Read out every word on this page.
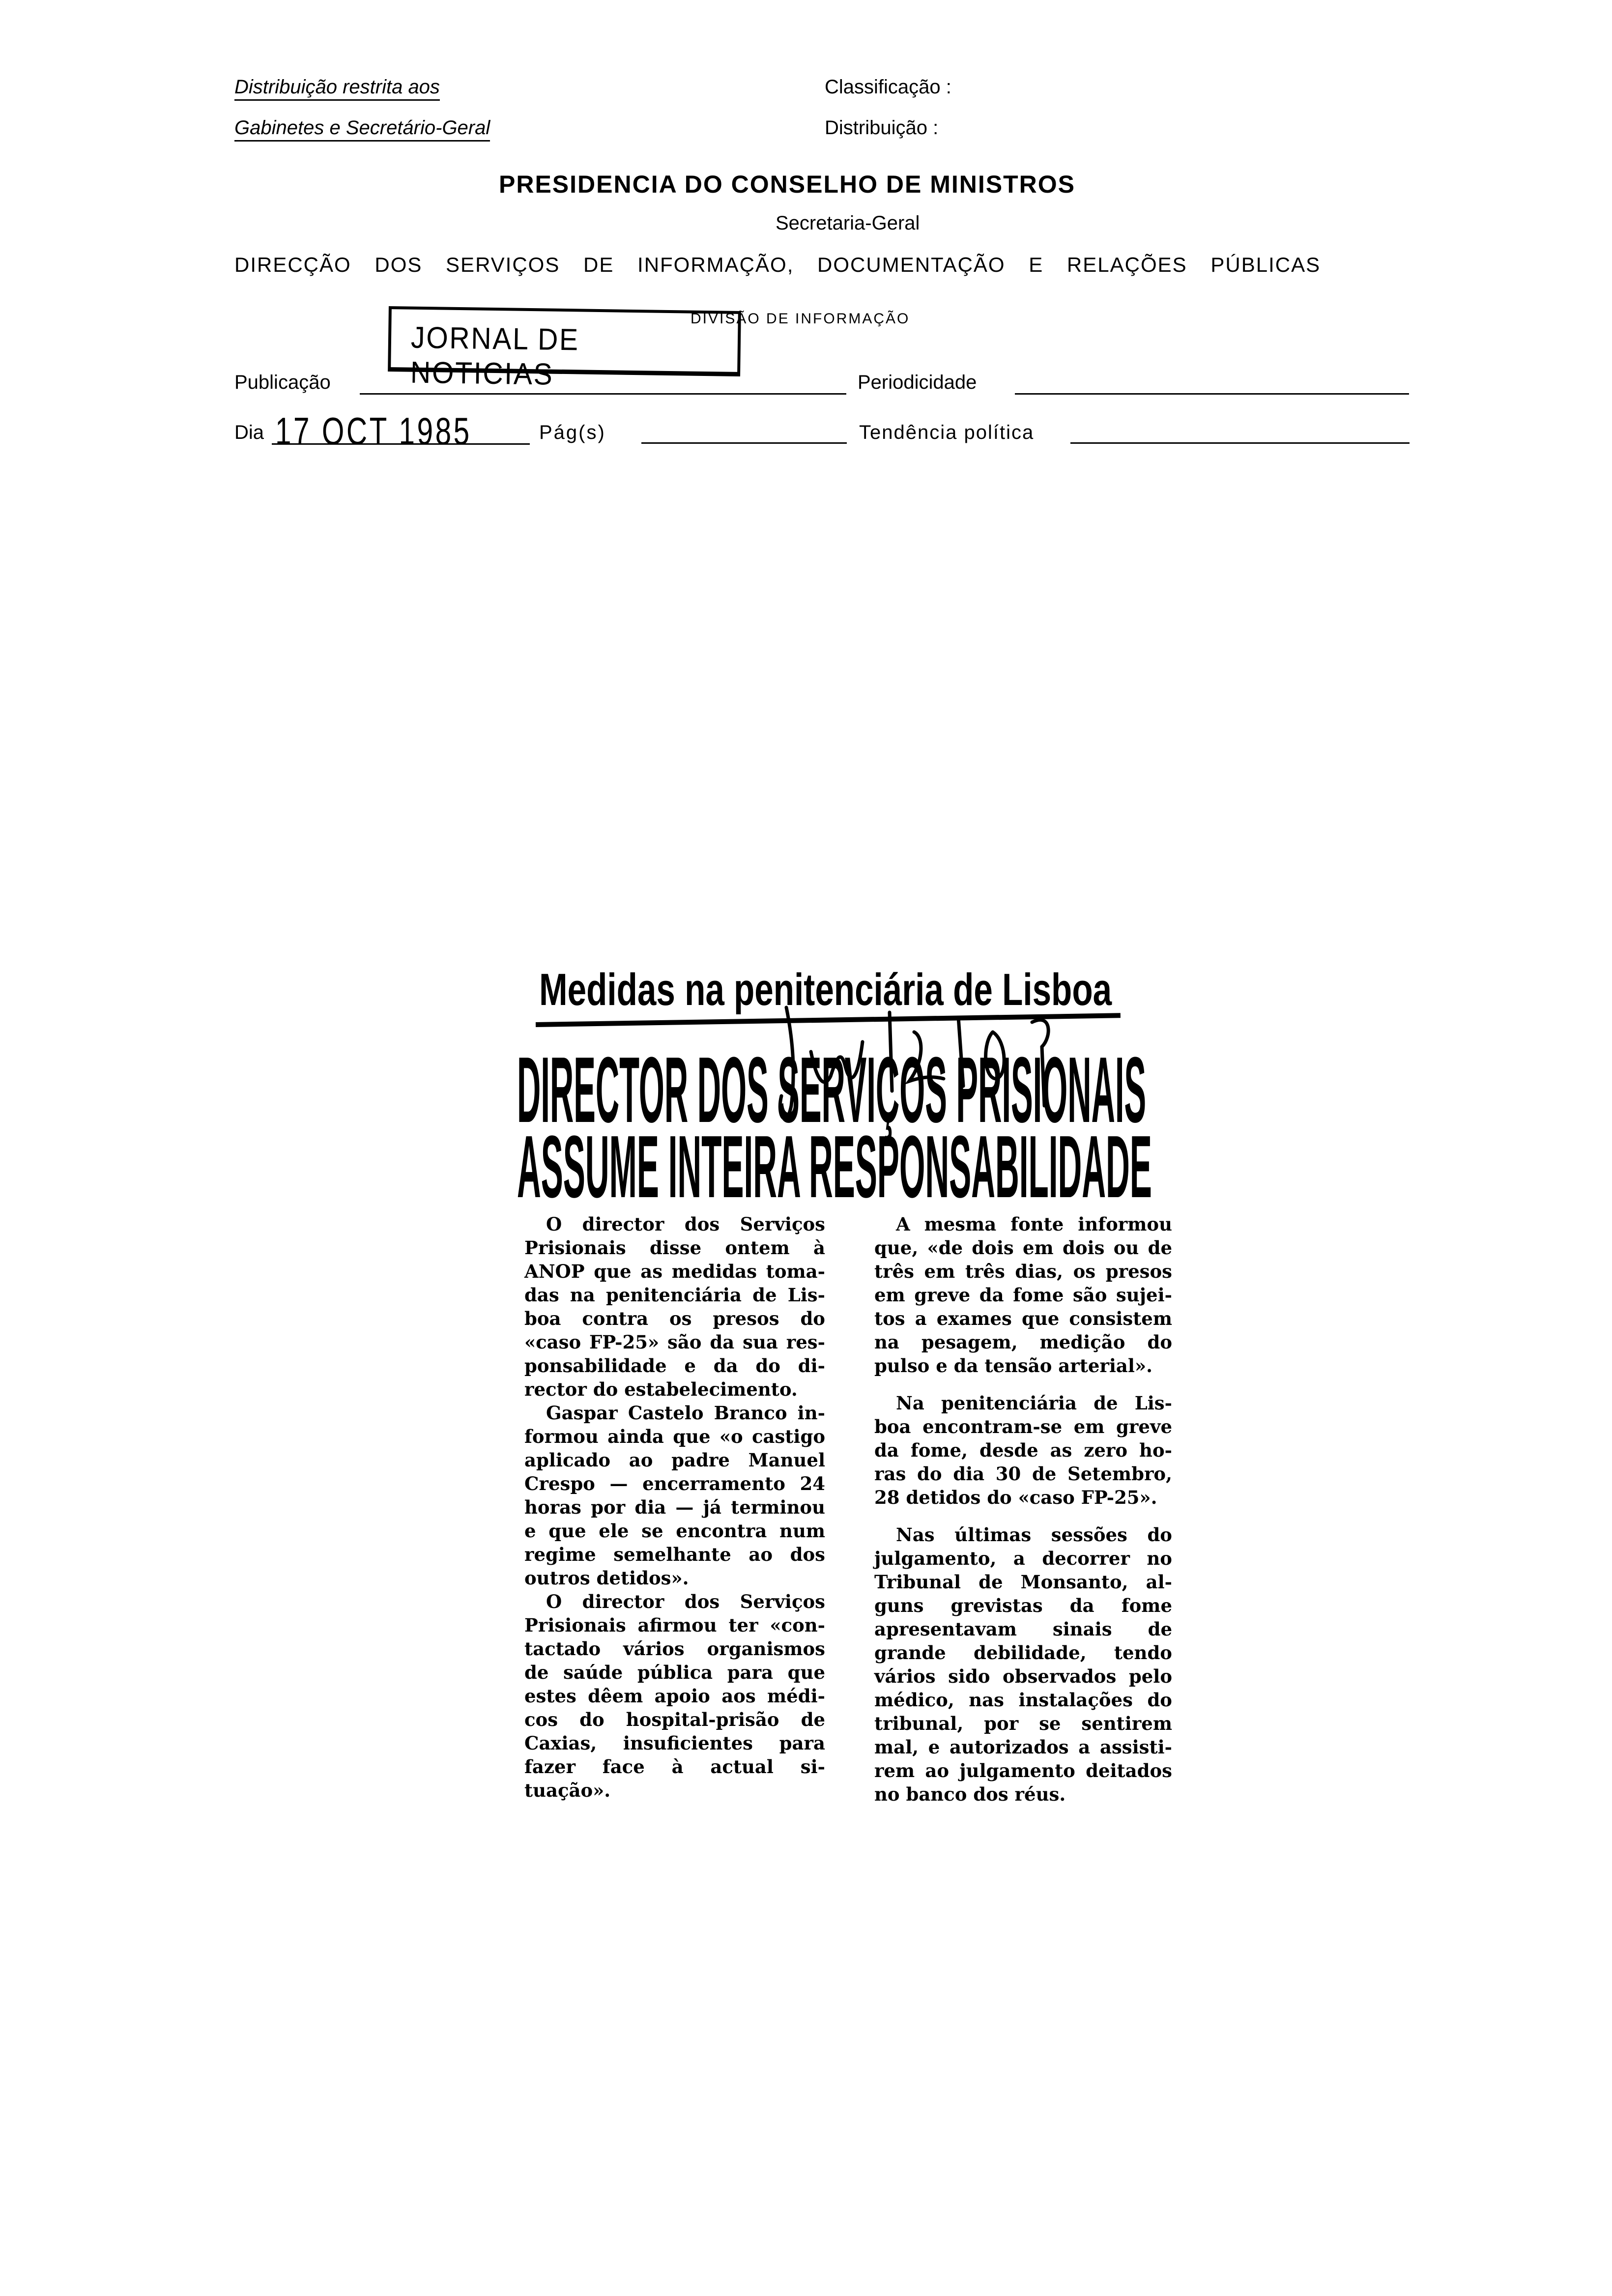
Distribuição restrita aos
Gabinetes e Secretário-Geral
Classificação :
Distribuição :
PRESIDENCIA DO CONSELHO DE MINISTROS
Secretaria-Geral
DIRECÇÃO DOS SERVIÇOS DE INFORMAÇÃO, DOCUMENTAÇÃO E RELAÇÕES PÚBLICAS
DIVISÃO DE INFORMAÇÃO
JORNAL DE NOTICIAS
Publicação	Periodicidade
Dia 17 OCT 1985	Pág(s)	Tendência política
Medidas na penitenciária de Lisboa
DIRECTOR DOS SERVIÇOS PRISIONAIS
ASSUME INTEIRA RESPONSABILIDADE
O director dos Serviços
Prisionais disse ontem à
ANOP que as medidas toma-
das na penitenciária de Lis-
boa contra os presos do
«caso FP-25» são da sua res-
ponsabilidade e da do di-
rector do estabelecimento.
Gaspar Castelo Branco in-
formou ainda que «o castigo
aplicado ao padre Manuel
Crespo — encerramento 24
horas por dia — já terminou
e que ele se encontra num
regime semelhante ao dos
outros detidos».
O director dos Serviços
Prisionais afirmou ter «con-
tactado vários organismos
de saúde pública para que
estes dêem apoio aos médi-
cos do hospital-prisão de
Caxias, insuficientes para
fazer face à actual si-
tuação».
A mesma fonte informou
que, «de dois em dois ou de
três em três dias, os presos
em greve da fome são sujei-
tos a exames que consistem
na pesagem, medição do
pulso e da tensão arterial».
Na penitenciária de Lis-
boa encontram-se em greve
da fome, desde as zero ho-
ras do dia 30 de Setembro,
28 detidos do «caso FP-25».
Nas últimas sessões do
julgamento, a decorrer no
Tribunal de Monsanto, al-
guns grevistas da fome
apresentavam sinais de
grande debilidade, tendo
vários sido observados pelo
médico, nas instalações do
tribunal, por se sentirem
mal, e autorizados a assisti-
rem ao julgamento deitados
no banco dos réus.
